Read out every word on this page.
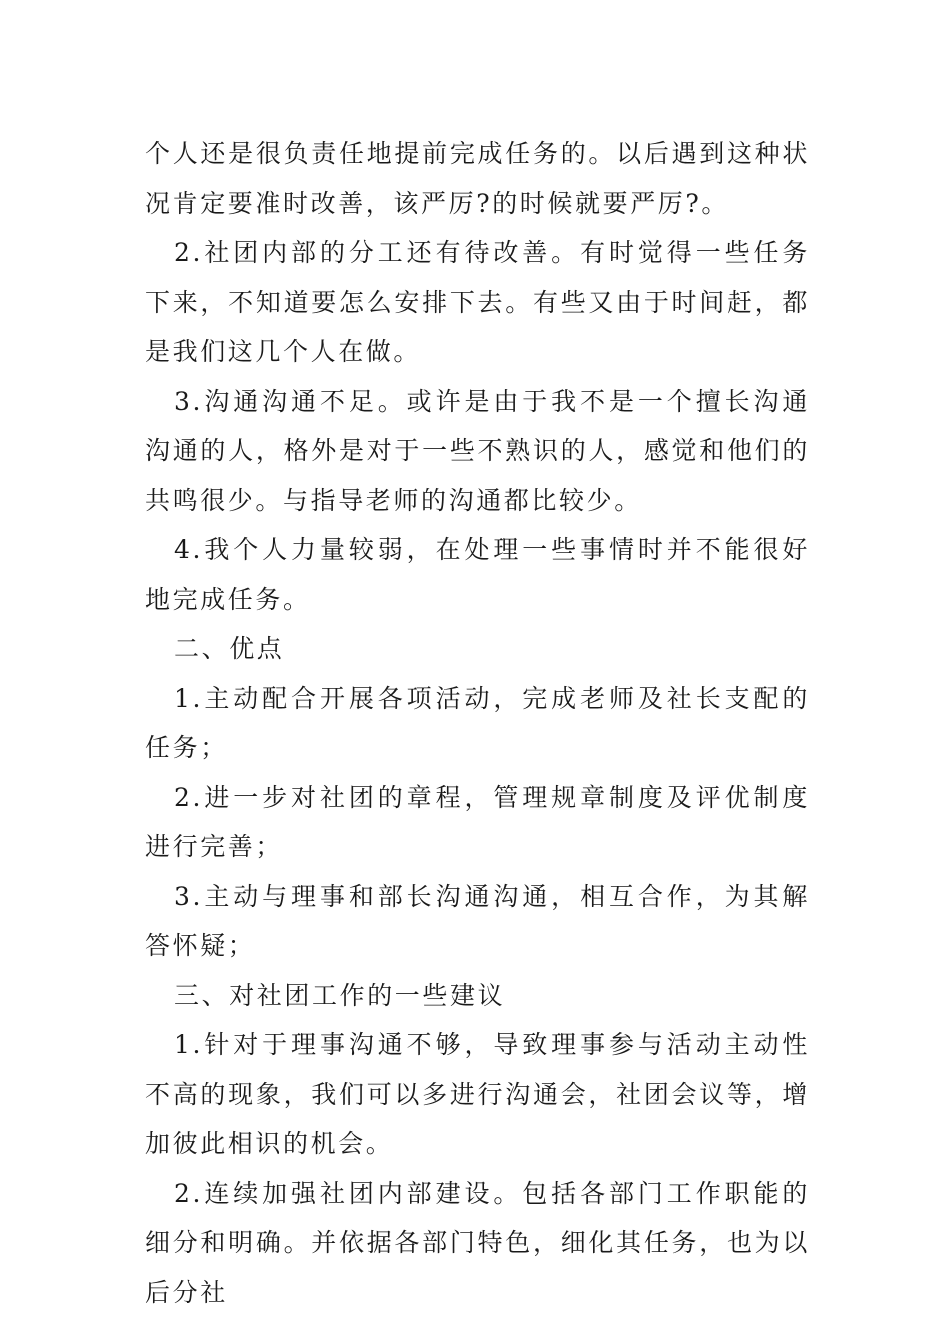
个人还是很负责任地提前完成任务的。以后遇到这种状况肯定要准时改善，该严厉?的时候就要严厉?。

2.社团内部的分工还有待改善。有时觉得一些任务下来，不知道要怎么安排下去。有些又由于时间赶，都是我们这几个人在做。

3.沟通沟通不足。或许是由于我不是一个擅长沟通沟通的人，格外是对于一些不熟识的人，感觉和他们的共鸣很少。与指导老师的沟通都比较少。

4.我个人力量较弱，在处理一些事情时并不能很好地完成任务。

二、优点

1.主动配合开展各项活动，完成老师及社长支配的任务；

2.进一步对社团的章程，管理规章制度及评优制度进行完善；

3.主动与理事和部长沟通沟通，相互合作，为其解答怀疑；

三、对社团工作的一些建议

1.针对于理事沟通不够，导致理事参与活动主动性不高的现象，我们可以多进行沟通会，社团会议等，增加彼此相识的机会。

2.连续加强社团内部建设。包括各部门工作职能的细分和明确。并依据各部门特色，细化其任务，也为以后分社
